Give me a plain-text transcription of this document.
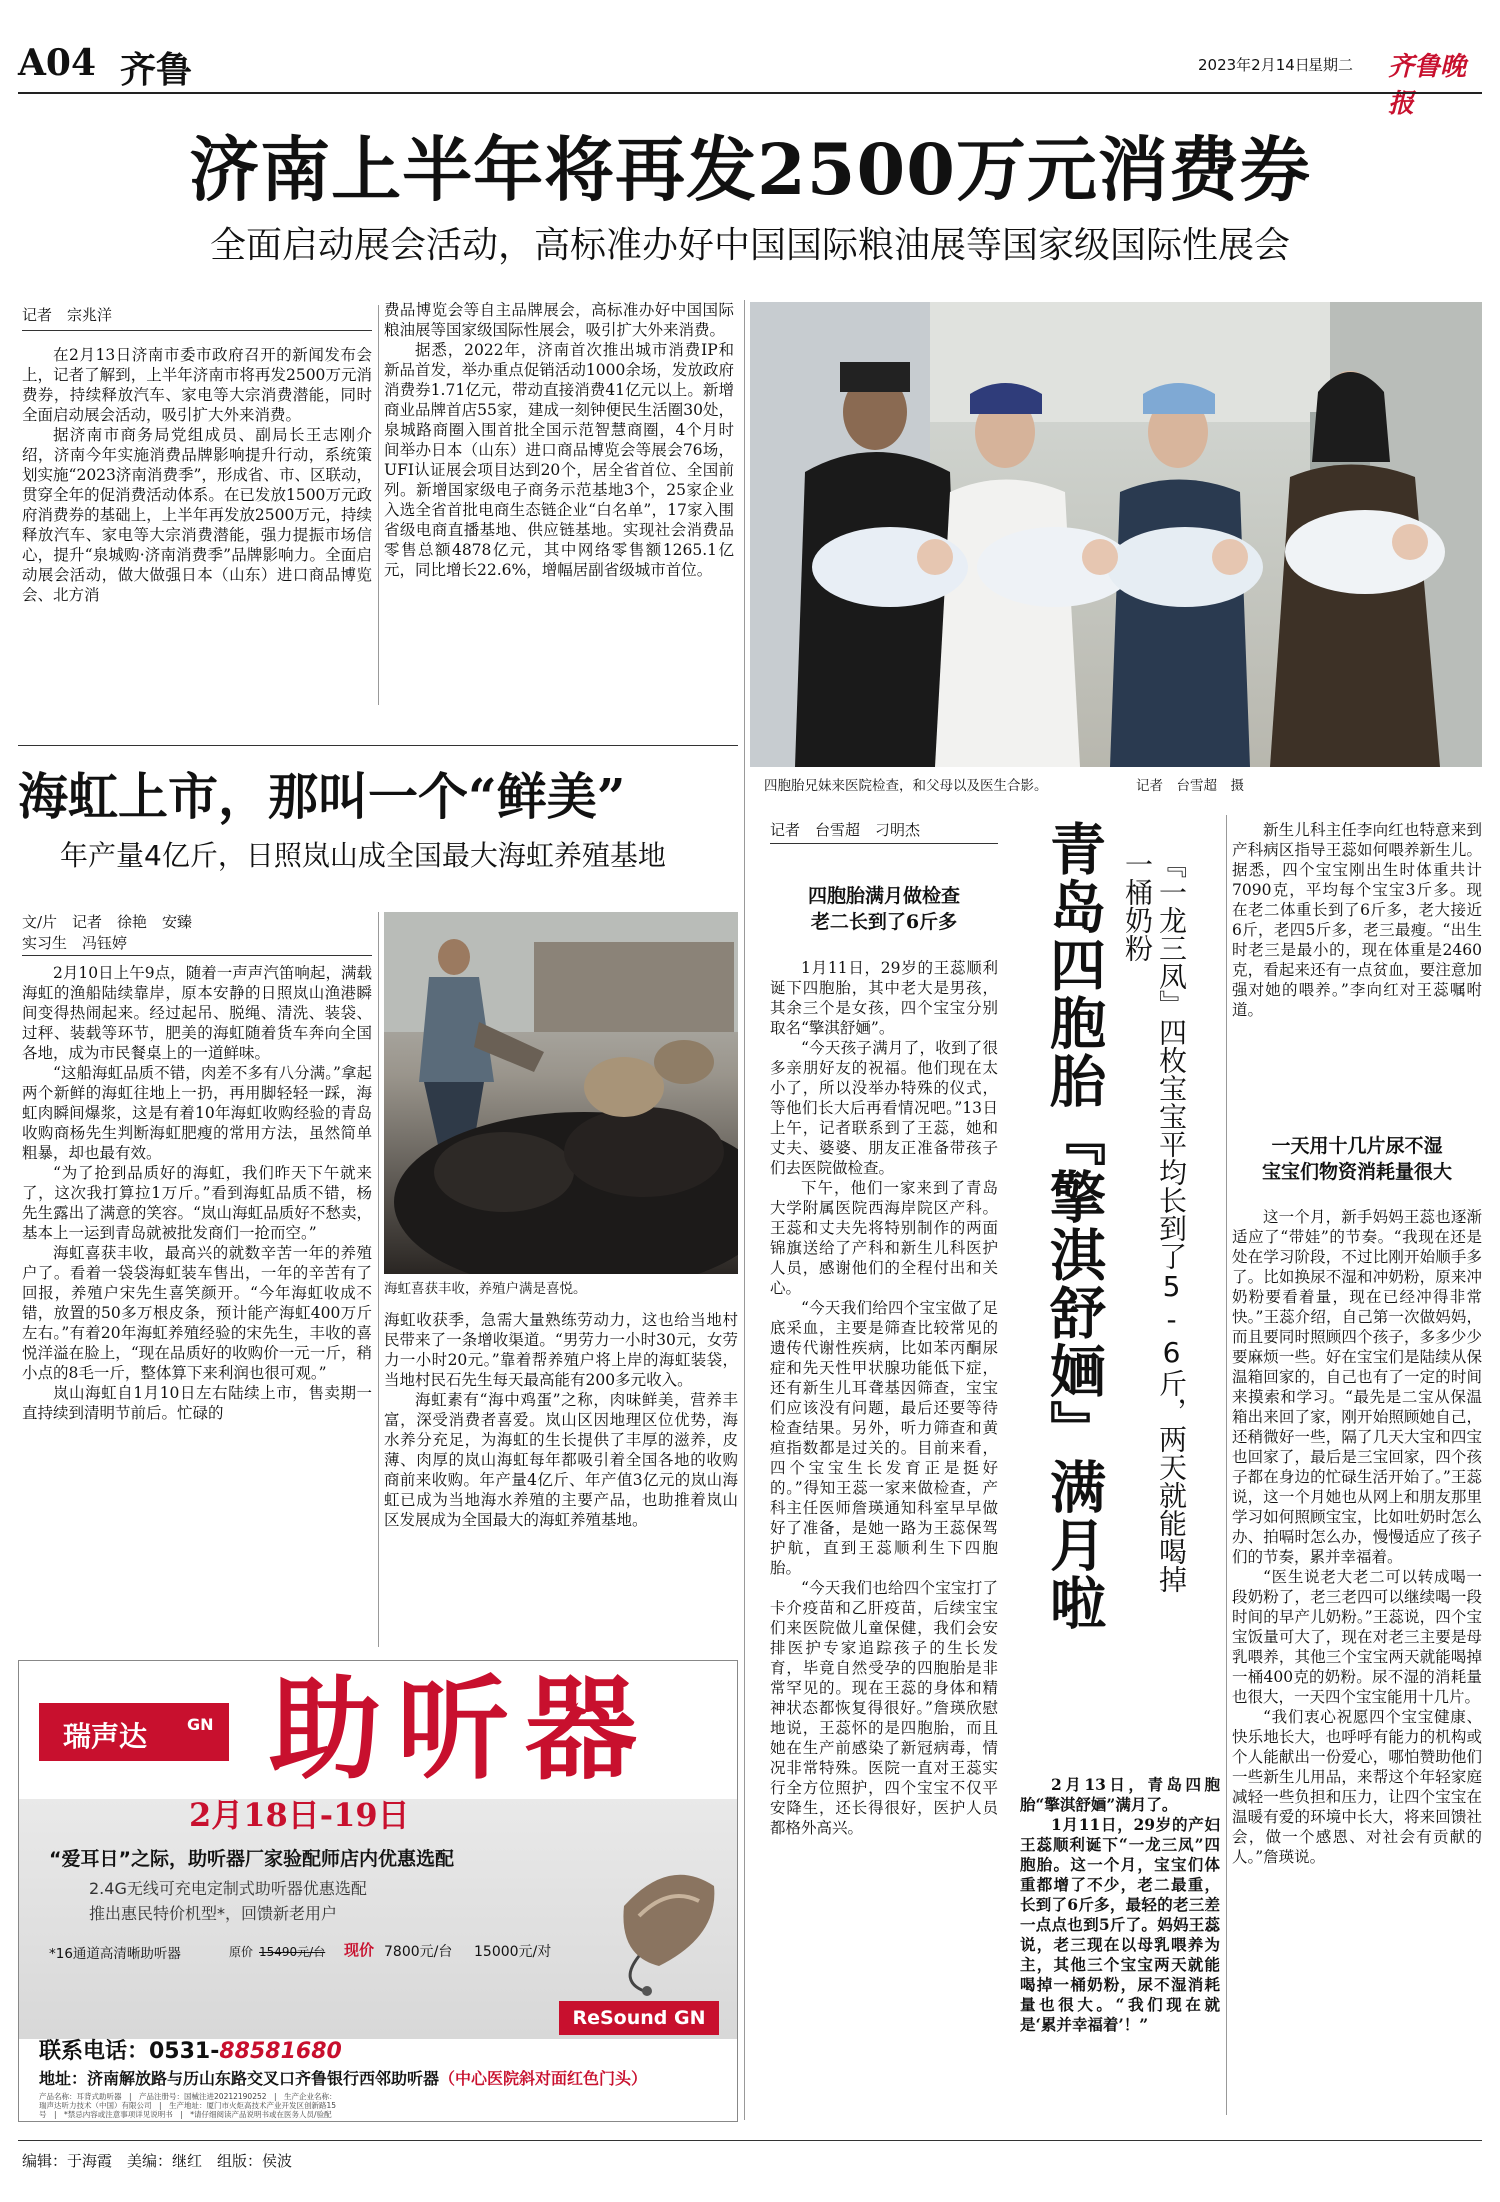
A04 齐鲁	2023年2月14日
星期二 齐鲁晚报
济南上半年将再发2500万元消费券
全面启动展会活动，高标准办好中国国际粮油展等国家级国际性展会
记者　宗兆洋

在2月13日济南市委市政府召开的新闻发布会上，记者了解到，上半年济南市将再发2500万元消费券，持续释放汽车、家电等大宗消费潜能，同时全面启动展会活动，吸引扩大外来消费。

据济南市商务局党组成员、副局长王志刚介绍，济南今年实施消费品牌影响提升行动，系统策划实施“2023济南消费季”，形成省、市、区联动，贯穿全年的促消费活动体系。在已发放1500万元政府消费券的基础上，上半年再发放2500万元，持续释放汽车、家电等大宗消费潜能，强力提振市场信心，提升“泉城购·济南消费季”品牌影响力。全面启动展会活动，做大做强日本（山东）进口商品博览会、北方消

费品博览会等自主品牌展会，高标准办好中国国际粮油展等国家级国际性展会，吸引扩大外来消费。

据悉，2022年，济南首次推出城市消费IP和新品首发，举办重点促销活动1000余场，发放政府消费券1.71亿元，带动直接消费41亿元以上。新增商业品牌首店55家，建成一刻钟便民生活圈30处，泉城路商圈入围首批全国示范智慧商圈，4个月时间举办日本（山东）进口商品博览会等展会76场，UFI认证展会项目达到20个，居全省首位、全国前列。新增国家级电子商务示范基地3个，25家企业入选全省首批电商生态链企业“白名单”，17家入围省级电商直播基地、供应链基地。实现社会消费品零售总额4878亿元，其中网络零售额1265.1亿元，同比增长22.6%，增幅居副省级城市首位。

四胞胎兄妹来医院检查，和父母以及医生合影。	记者　台雪超　摄
海虹上市，那叫一个“鲜美”
年产量4亿斤，日照岚山成全国最大海虹养殖基地
文/片　记者　徐艳　安臻
实习生　冯钰婷

2月10日上午9点，随着一声声汽笛响起，满载海虹的渔船陆续靠岸，原本安静的日照岚山渔港瞬间变得热闹起来。经过起吊、脱绳、清洗、装袋、过秤、装载等环节，肥美的海虹随着货车奔向全国各地，成为市民餐桌上的一道鲜味。

“这船海虹品质不错，肉差不多有八分满。”拿起两个新鲜的海虹往地上一扔，再用脚轻轻一踩，海虹肉瞬间爆浆，这是有着10年海虹收购经验的青岛收购商杨先生判断海虹肥瘦的常用方法，虽然简单粗暴，却也最有效。

“为了抢到品质好的海虹，我们昨天下午就来了，这次我打算拉1万斤。”看到海虹品质不错，杨先生露出了满意的笑容。“岚山海虹品质好不愁卖，基本上一运到青岛就被批发商们一抢而空。”

海虹喜获丰收，最高兴的就数辛苦一年的养殖户了。看着一袋袋海虹装车售出，一年的辛苦有了回报，养殖户宋先生喜笑颜开。“今年海虹收成不错，放置的50多万根皮条，预计能产海虹400万斤左右。”有着20年海虹养殖经验的宋先生，丰收的喜悦洋溢在脸上，“现在品质好的收购价一元一斤，稍小点的8毛一斤，整体算下来利润也很可观。”

岚山海虹自1月10日左右陆续上市，售卖期一直持续到清明节前后。忙碌的

海虹喜获丰收，养殖户满是喜悦。

海虹收获季，急需大量熟练劳动力，这也给当地村民带来了一条增收渠道。“男劳力一小时30元，女劳力一小时20元。”靠着帮养殖户将上岸的海虹装袋，当地村民石先生每天最高能有200多元收入。

海虹素有“海中鸡蛋”之称，肉味鲜美，营养丰富，深受消费者喜爱。岚山区因地理区位优势，海水养分充足，为海虹的生长提供了丰厚的滋养，皮薄、肉厚的岚山海虹每年都吸引着全国各地的收购商前来收购。年产量4亿斤、年产值3亿元的岚山海虹已成为当地海水养殖的主要产品，也助推着岚山区发展成为全国最大的海虹养殖基地。

瑞声达 GN 助听器
2月18日-19日
“爱耳日”之际，助听器厂家验配师店内优惠选配
2.4G无线可充电定制式助听器优惠选配
推出惠民特价机型*，回馈新老用户
*16通道高清晰助听器	原价 15490元/台 现价 7800元/台 15000元/对
ReSound GN
联系电话：0531-88581680
地址：济南解放路与历山东路交叉口齐鲁银行西邻助听器（中心医院斜对面红色门头）
产品名称：耳背式助听器　|　产品注册号：国械注进20212190252　|　生产企业名称：
瑞声达听力技术（中国）有限公司　|　生产地址：厦门市火炬高技术产业开发区创新路15
号　|　*禁忌内容或注意事项详见说明书　|　*请仔细阅读产品说明书或在医务人员/验配
记者　台雪超　刁明杰
四胞胎满月做检查
老二长到了6斤多

1月11日，29岁的王蕊顺利诞下四胞胎，其中老大是男孩，其余三个是女孩，四个宝宝分别取名“擎淇舒婳”。

“今天孩子满月了，收到了很多亲朋好友的祝福。他们现在太小了，所以没举办特殊的仪式，等他们长大后再看情况吧。”13日上午，记者联系到了王蕊，她和丈夫、婆婆、朋友正准备带孩子们去医院做检查。

下午，他们一家来到了青岛大学附属医院西海岸院区产科。王蕊和丈夫先将特别制作的两面锦旗送给了产科和新生儿科医护人员，感谢他们的全程付出和关心。

“今天我们给四个宝宝做了足底采血，主要是筛查比较常见的遗传代谢性疾病，比如苯丙酮尿症和先天性甲状腺功能低下症，还有新生儿耳聋基因筛查，宝宝们应该没有问题，最后还要等待检查结果。另外，听力筛查和黄疸指数都是过关的。目前来看，四个宝宝生长发育正是挺好的。”得知王蕊一家来做检查，产科主任医师詹瑛通知科室早早做好了准备，是她一路为王蕊保驾护航，直到王蕊顺利生下四胞胎。

“今天我们也给四个宝宝打了卡介疫苗和乙肝疫苗，后续宝宝们来医院做儿童保健，我们会安排医护专家追踪孩子的生长发育，毕竟自然受孕的四胞胎是非常罕见的。现在王蕊的身体和精神状态都恢复得很好。”詹瑛欣慰地说，王蕊怀的是四胞胎，而且她在生产前感染了新冠病毒，情况非常特殊。医院一直对王蕊实行全方位照护，四个宝宝不仅平安降生，还长得很好，医护人员都格外高兴。

青岛四胞胎『擎淇舒婳』满月啦	『一龙三凤』四枚宝宝平均长到了5-6斤，两天就能喝掉一桶奶粉

2月13日，青岛四胞胎“擎淇舒婳”满月了。

1月11日，29岁的产妇王蕊顺利诞下“一龙三凤”四胞胎。这一个月，宝宝们体重都增了不少，老二最重，长到了6斤多，最轻的老三差一点点也到5斤了。妈妈王蕊说，老三现在以母乳喂养为主，其他三个宝宝两天就能喝掉一桶奶粉，尿不湿消耗量也很大。“我们现在就是‘累并幸福着’！”

新生儿科主任李向红也特意来到产科病区指导王蕊如何喂养新生儿。据悉，四个宝宝刚出生时体重共计7090克，平均每个宝宝3斤多。现在老二体重长到了6斤多，老大接近6斤，老四5斤多，老三最瘦。“出生时老三是最小的，现在体重是2460克，看起来还有一点贫血，要注意加强对她的喂养。”李向红对王蕊嘱咐道。

一天用十几片尿不湿
宝宝们物资消耗量很大

这一个月，新手妈妈王蕊也逐渐适应了“带娃”的节奏。“我现在还是处在学习阶段，不过比刚开始顺手多了。比如换尿不湿和冲奶粉，原来冲奶粉要看着量，现在已经冲得非常快。”王蕊介绍，自己第一次做妈妈，而且要同时照顾四个孩子，多多少少要麻烦一些。好在宝宝们是陆续从保温箱回家的，自己也有了一定的时间来摸索和学习。“最先是二宝从保温箱出来回了家，刚开始照顾她自己，还稍微好一些，隔了几天大宝和四宝也回家了，最后是三宝回家，四个孩子都在身边的忙碌生活开始了。”王蕊说，这一个月她也从网上和朋友那里学习如何照顾宝宝，比如吐奶时怎么办、拍嗝时怎么办，慢慢适应了孩子们的节奏，累并幸福着。

“医生说老大老二可以转成喝一段奶粉了，老三老四可以继续喝一段时间的早产儿奶粉。”王蕊说，四个宝宝饭量可大了，现在对老三主要是母乳喂养，其他三个宝宝两天就能喝掉一桶400克的奶粉。尿不湿的消耗量也很大，一天四个宝宝能用十几片。

“我们衷心祝愿四个宝宝健康、快乐地长大，也呼呼有能力的机构或个人能献出一份爱心，哪怕赞助他们一些新生儿用品，来帮这个年轻家庭减轻一些负担和压力，让四个宝宝在温暖有爱的环境中长大，将来回馈社会，做一个感恩、对社会有贡献的人。”詹瑛说。

编辑：于海霞　美编：继红　组版：侯波
